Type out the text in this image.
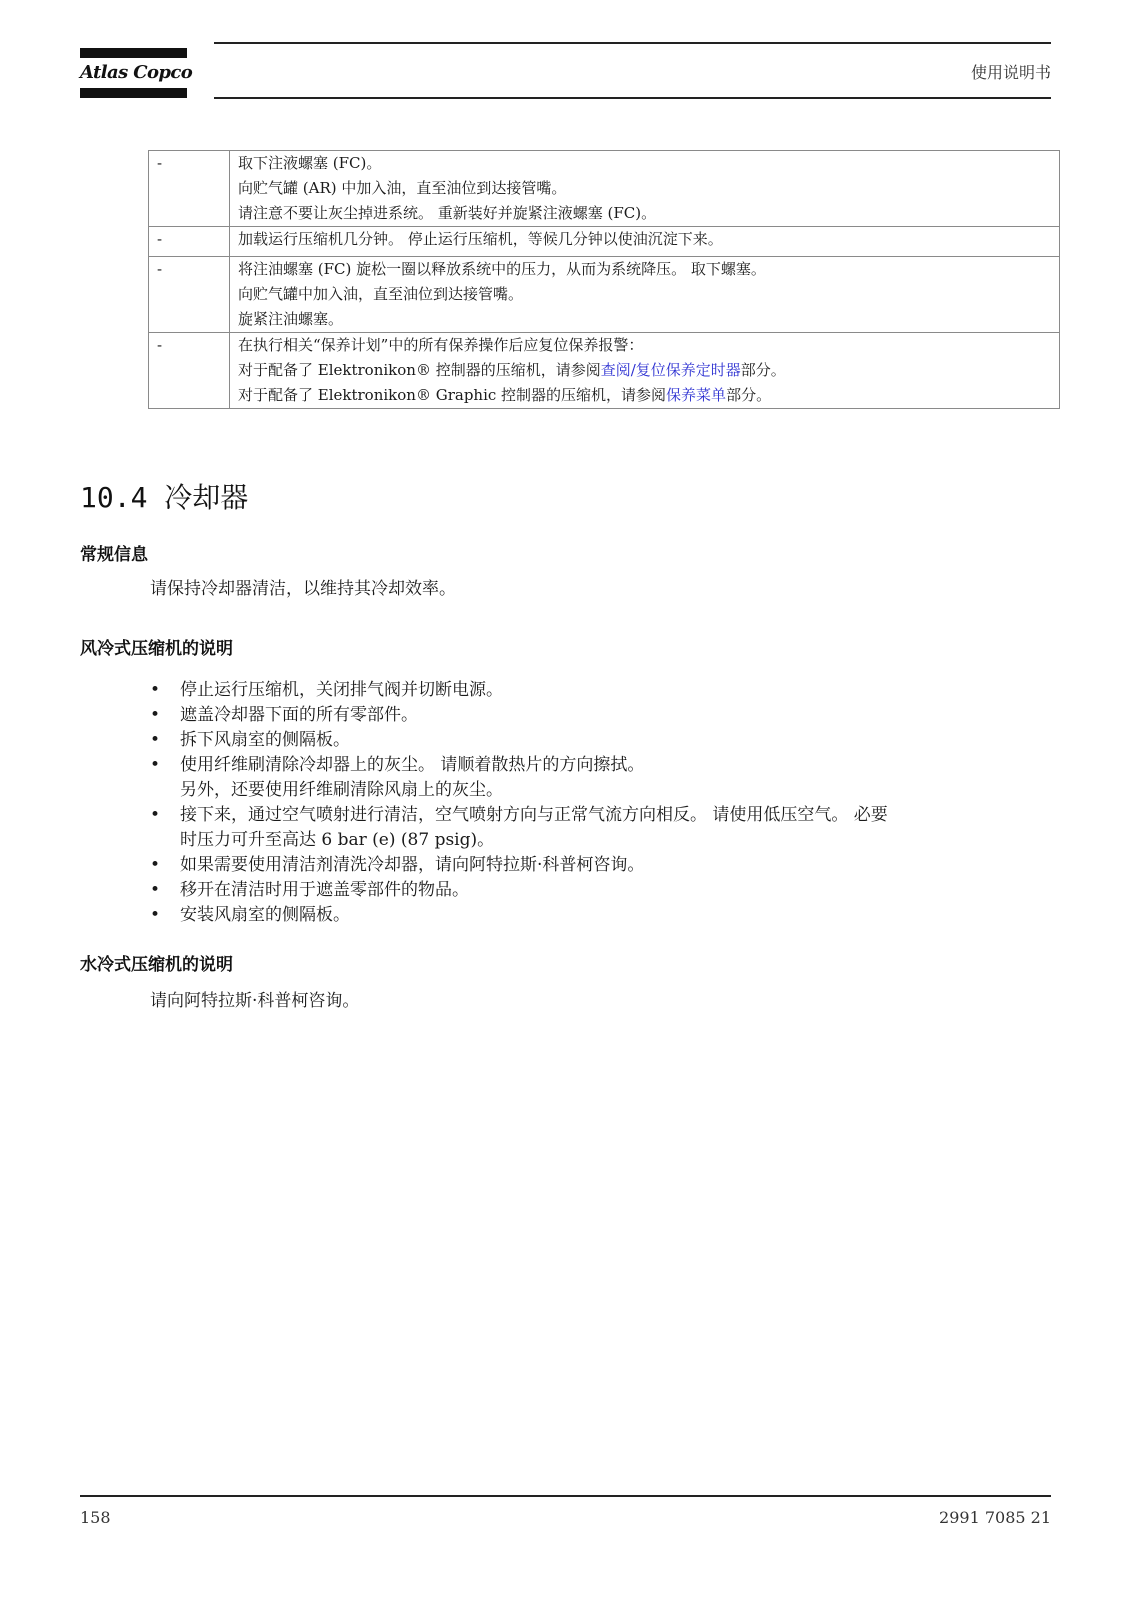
Atlas Copco	使用说明书
-	取下注液螺塞 (FC)。
向贮气罐 (AR) 中加入油，直至油位到达接管嘴。
请注意不要让灰尘掉进系统。 重新装好并旋紧注液螺塞 (FC)。

-	加载运行压缩机几分钟。 停止运行压缩机，等候几分钟以使油沉淀下来。

-	将注油螺塞 (FC) 旋松一圈以释放系统中的压力，从而为系统降压。 取下螺塞。
向贮气罐中加入油，直至油位到达接管嘴。
旋紧注油螺塞。

-	在执行相关“保养计划”中的所有保养操作后应复位保养报警：
对于配备了 Elektronikon® 控制器的压缩机，请参阅查阅/复位保养定时器部分。
对于配备了 Elektronikon® Graphic 控制器的压缩机，请参阅保养菜单部分。
10.4 冷却器
常规信息
请保持冷却器清洁，以维持其冷却效率。
风冷式压缩机的说明
• 停止运行压缩机，关闭排气阀并切断电源。
• 遮盖冷却器下面的所有零部件。
• 拆下风扇室的侧隔板。
• 使用纤维刷清除冷却器上的灰尘。 请顺着散热片的方向擦拭。
另外，还要使用纤维刷清除风扇上的灰尘。
• 接下来，通过空气喷射进行清洁，空气喷射方向与正常气流方向相反。 请使用低压空气。 必要
时压力可升至高达 6 bar (e) (87 psig)。
• 如果需要使用清洁剂清洗冷却器，请向阿特拉斯·科普柯咨询。
• 移开在清洁时用于遮盖零部件的物品。
• 安装风扇室的侧隔板。
水冷式压缩机的说明
请向阿特拉斯·科普柯咨询。
158	2991 7085 21
